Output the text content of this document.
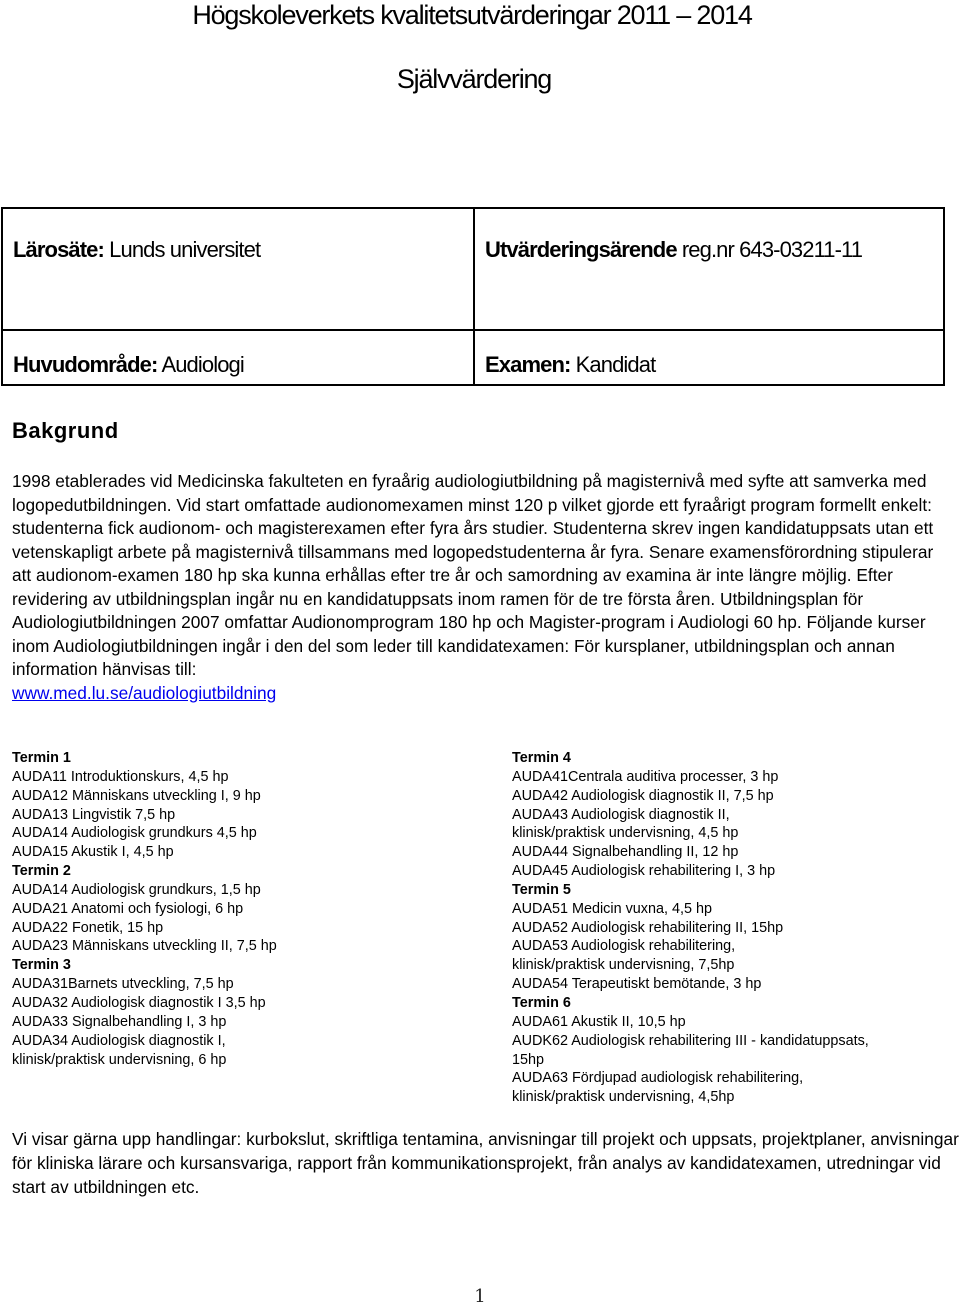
Högskoleverkets kvalitetsutvärderingar 2011 – 2014
Självvärdering
Lärosäte: Lunds universitet	Utvärderingsärende reg.nr 643-03211-11
Huvudområde: Audiologi	Examen: Kandidat
Bakgrund

1998 etablerades vid Medicinska fakulteten en fyraårig audiologiutbildning på magisternivå med syfte att samverka med logopedutbildningen. Vid start omfattade audionomexamen minst 120 p vilket gjorde ett fyraårigt program formellt enkelt: studenterna fick audionom- och magisterexamen efter fyra års studier. Studenterna skrev ingen kandidatuppsats utan ett vetenskapligt arbete på magisternivå tillsammans med logopedstudenterna år fyra. Senare examensförordning stipulerar att audionom-examen 180 hp ska kunna erhållas efter tre år och samordning av examina är inte längre möjlig. Efter revidering av utbildningsplan ingår nu en kandidatuppsats inom ramen för de tre första åren. Utbildningsplan för Audiologiutbildningen 2007 omfattar Audionomprogram 180 hp och Magister-program i Audiologi 60 hp. Följande kurser inom Audiologiutbildningen ingår i den del som leder till kandidatexamen: För kursplaner, utbildningsplan och annan information hänvisas till:
www.med.lu.se/audiologiutbildning

Termin 1
AUDA11 Introduktionskurs, 4,5 hp
AUDA12 Människans utveckling I, 9 hp
AUDA13 Lingvistik 7,5 hp
AUDA14 Audiologisk grundkurs 4,5 hp
AUDA15 Akustik I, 4,5 hp
Termin 2
AUDA14 Audiologisk grundkurs, 1,5 hp
AUDA21 Anatomi och fysiologi, 6 hp
AUDA22 Fonetik, 15 hp
AUDA23 Människans utveckling II, 7,5 hp
Termin 3
AUDA31Barnets utveckling, 7,5 hp
AUDA32 Audiologisk diagnostik I 3,5 hp
AUDA33 Signalbehandling I, 3 hp
AUDA34 Audiologisk diagnostik I,
klinisk/praktisk undervisning, 6 hp
Termin 4
AUDA41Centrala auditiva processer, 3 hp
AUDA42 Audiologisk diagnostik II, 7,5 hp
AUDA43 Audiologisk diagnostik II,
klinisk/praktisk undervisning, 4,5 hp
AUDA44 Signalbehandling II, 12 hp
AUDA45 Audiologisk rehabilitering I, 3 hp
Termin 5
AUDA51 Medicin vuxna, 4,5 hp
AUDA52 Audiologisk rehabilitering II, 15hp
AUDA53 Audiologisk rehabilitering,
klinisk/praktisk undervisning, 7,5hp
AUDA54 Terapeutiskt bemötande, 3 hp
Termin 6
AUDA61 Akustik II, 10,5 hp
AUDK62 Audiologisk rehabilitering III - kandidatuppsats,
15hp
AUDA63 Fördjupad audiologisk rehabilitering,
klinisk/praktisk undervisning, 4,5hp

Vi visar gärna upp handlingar: kurbokslut, skriftliga tentamina, anvisningar till projekt och uppsats, projektplaner, anvisningar för kliniska lärare och kursansvariga, rapport från kommunikationsprojekt, från analys av kandidatexamen, utredningar vid start av utbildningen etc.

1
